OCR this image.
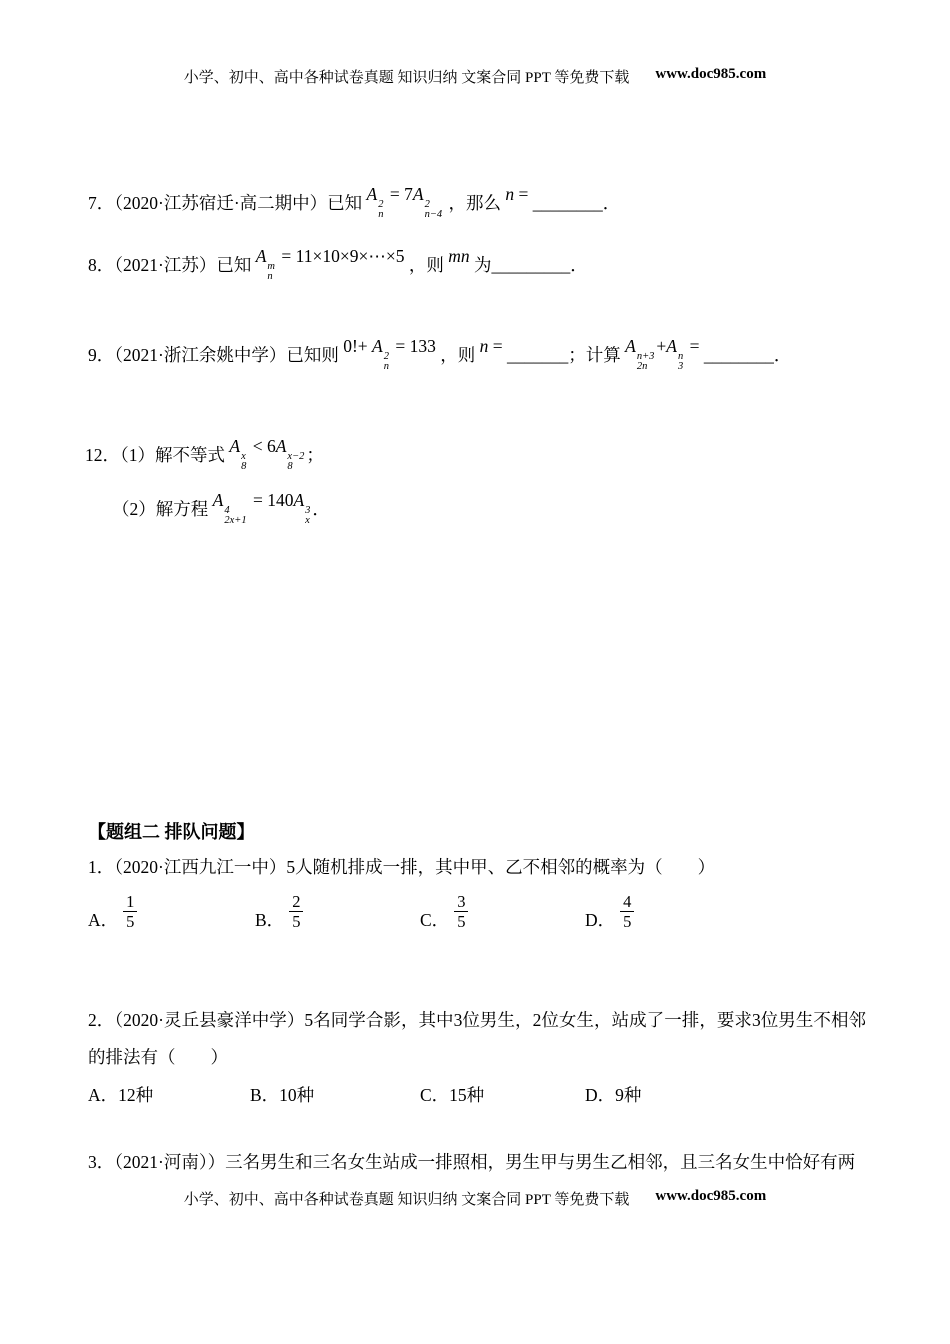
小学、初中、高中各种试卷真题 知识归纳 文案合同 PPT 等免费下载 www.doc985.com
7．（2020·江苏宿迁·高二期中）已知 A
2
n
= 7A
2
n−4
，那么 n = ________．
8．（2021·江苏）已知 A
m
n
= 11×10×9×⋯×5 ，则 mn 为_________．
9．（2021·浙江余姚中学）已知则 0!+ A
2
n
= 133 ，则 n = _______；计算 A
n+3
2n
+A
n
3
= ________．
12．（1）解不等式 A
x
8
< 6A
x−2
8
；
（2）解方程 A
4
2x+1
= 140A
3
x
．
【题组二 排队问题】
1．（2020·江西九江一中）5人随机排成一排，其中甲、乙不相邻的概率为（　　）
A． $\frac{1}{5}$	B． $\frac{2}{5}$	C． $\frac{3}{5}$	D． $\frac{4}{5}$
2．（2020·灵丘县豪洋中学）5名同学合影，其中3位男生，2位女生，站成了一排，要求3位男生不相邻的排法有（　　）
A．12种	B．10种	C．15种	D．9种
3．（2021·河南））三名男生和三名女生站成一排照相，男生甲与男生乙相邻，且三名女生中恰好有两
小学、初中、高中各种试卷真题 知识归纳 文案合同 PPT 等免费下载 www.doc985.com
